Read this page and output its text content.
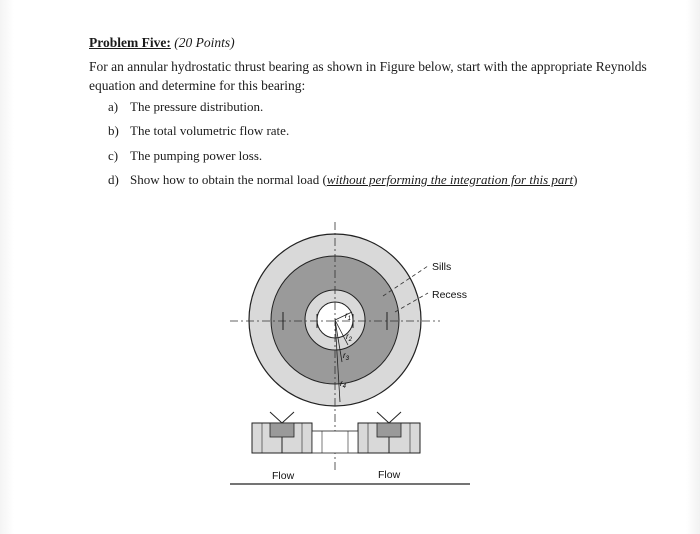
Problem Five: (20 Points)
For an annular hydrostatic thrust bearing as shown in Figure below, start with the appropriate Reynolds equation and determine for this bearing:
a) The pressure distribution.
b) The total volumetric flow rate.
c) The pumping power loss.
d) Show how to obtain the normal load (without performing the integration for this part)
$r_1$
$r_2$
$r_3$
$r_4$
Sills
Recess
Flow	Flow
